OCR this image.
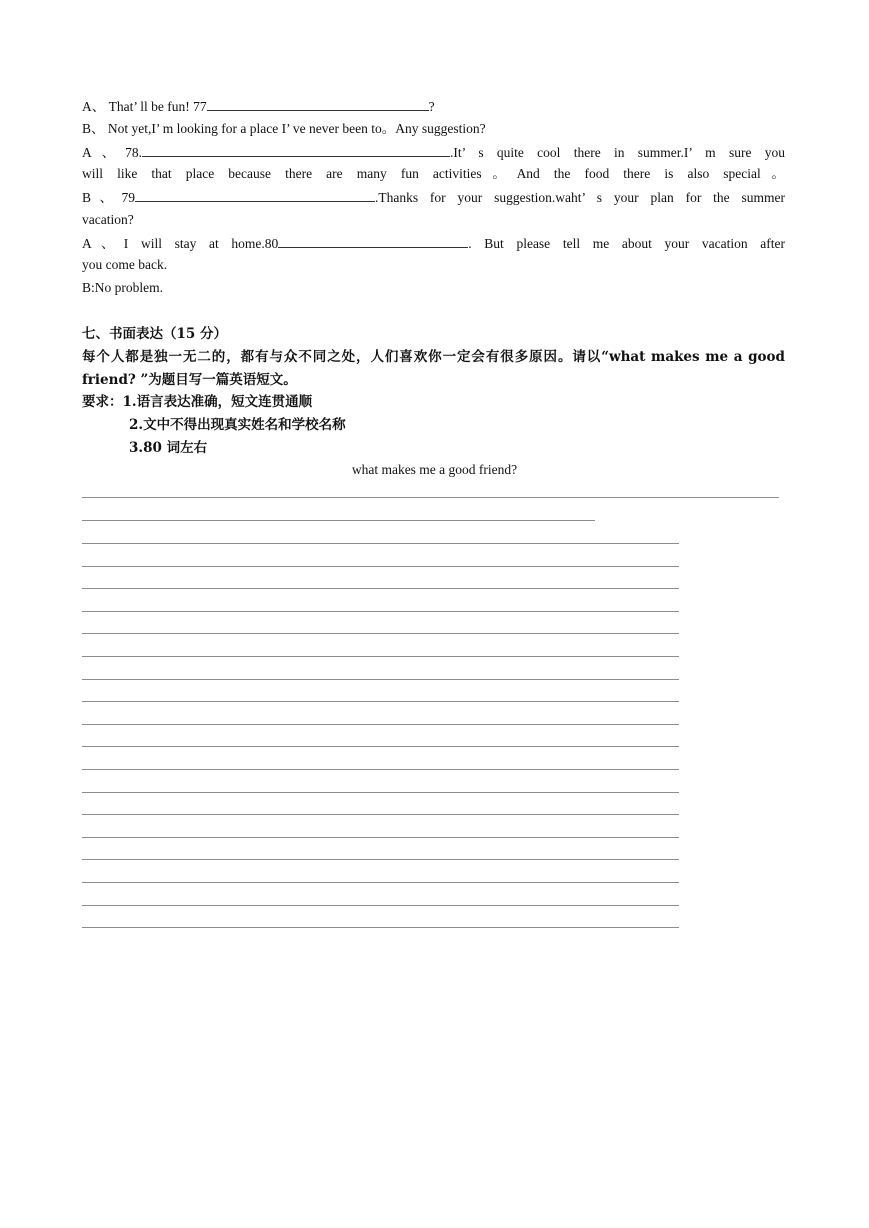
A、 That’ ll be fun! 77	?
B、 Not yet,I’ m looking for a place I’ ve never been to。Any suggestion?
A、78.	.It’ s quite cool there in summer.I’ m sure you
will like that place because there are many fun activities。And the food there is also special。
B、79	.Thanks for your suggestion.waht’ s your plan for the summer
vacation?
A、I will stay at home.80	. But please tell me about your vacation after
you come back.
B:No problem.
七、书面表达（15 分）
每个人都是独一无二的，都有与众不同之处，人们喜欢你一定会有很多原因。请以“what makes me a good
friend? ”为题目写一篇英语短文。
要求：1.语言表达准确，短文连贯通顺
2.文中不得出现真实姓名和学校名称
3.80 词左右
what makes me a good friend?
